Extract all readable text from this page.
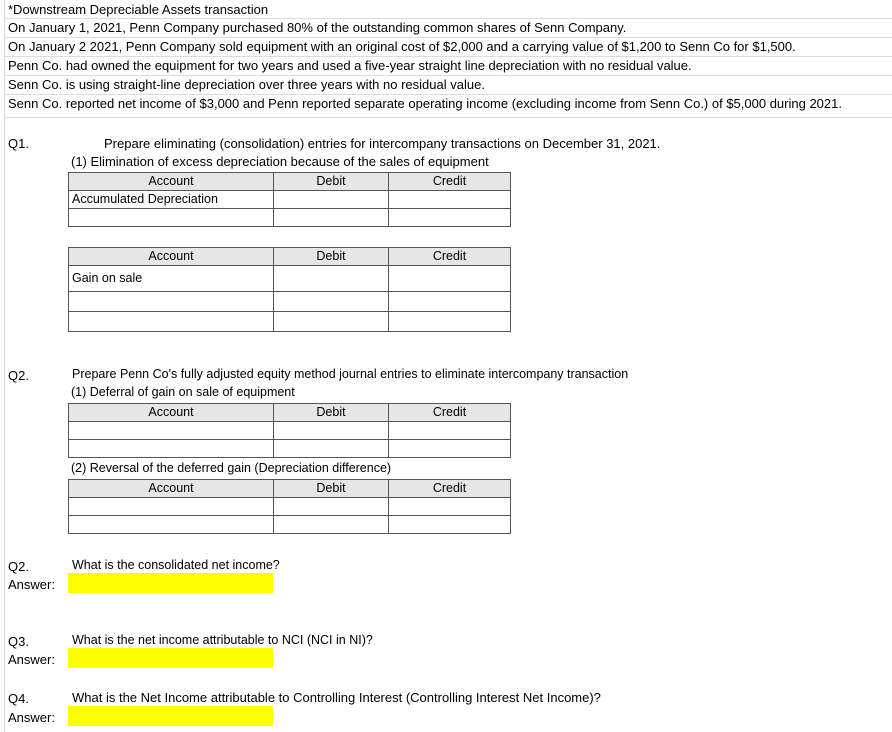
*Downstream Depreciable Assets transaction
On January 1, 2021, Penn Company purchased 80% of the outstanding common shares of Senn Company.
On January 2 2021, Penn Company sold equipment with an original cost of $2,000 and a carrying value of $1,200 to Senn Co for $1,500.
Penn Co. had owned the equipment for two years and used a five-year straight line depreciation with no residual value.
Senn Co. is using straight-line depreciation over three years with no residual value.
Senn Co. reported net income of $3,000 and Penn reported separate operating income (excluding income from Senn Co.) of $5,000 during 2021.
Q1.	Prepare eliminating (consolidation) entries for intercompany transactions on December 31, 2021.
(1) Elimination of excess depreciation because of the sales of equipment
Account	Debit	Credit
Accumulated Depreciation		

Account	Debit	Credit
Gain on sale		

Q2.	Prepare Penn Co's fully adjusted equity method journal entries to eliminate intercompany transaction
(1) Deferral of gain on sale of equipment
Account	Debit	Credit

(2) Reversal of the deferred gain (Depreciation difference)
Account	Debit	Credit

Q2.	What is the consolidated net income?
Answer:
Q3.	What is the net income attributable to NCI (NCI in NI)?
Answer:
Q4.	What is the Net Income attributable to Controlling Interest (Controlling Interest Net Income)?
Answer:
